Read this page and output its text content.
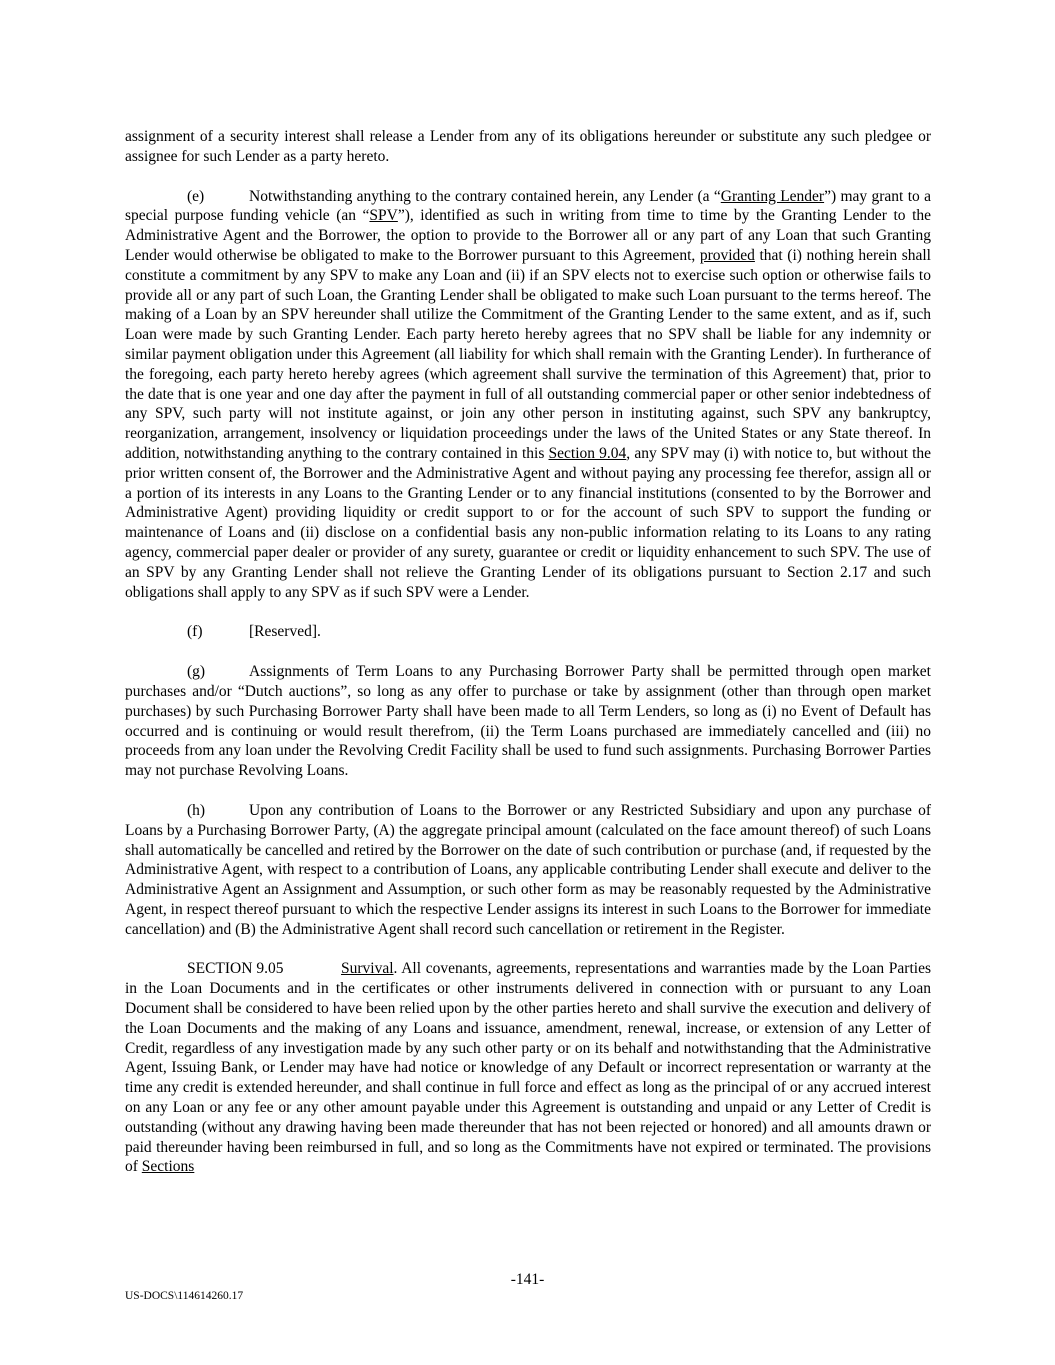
assignment of a security interest shall release a Lender from any of its obligations hereunder or substitute any such pledgee or assignee for such Lender as a party hereto.

(e)	Notwithstanding anything to the contrary contained herein, any Lender (a “Granting Lender”) may grant to a special purpose funding vehicle (an “SPV”), identified as such in writing from time to time by the Granting Lender to the Administrative Agent and the Borrower, the option to provide to the Borrower all or any part of any Loan that such Granting Lender would otherwise be obligated to make to the Borrower pursuant to this Agreement, provided that (i) nothing herein shall constitute a commitment by any SPV to make any Loan and (ii) if an SPV elects not to exercise such option or otherwise fails to provide all or any part of such Loan, the Granting Lender shall be obligated to make such Loan pursuant to the terms hereof. The making of a Loan by an SPV hereunder shall utilize the Commitment of the Granting Lender to the same extent, and as if, such Loan were made by such Granting Lender. Each party hereto hereby agrees that no SPV shall be liable for any indemnity or similar payment obligation under this Agreement (all liability for which shall remain with the Granting Lender). In furtherance of the foregoing, each party hereto hereby agrees (which agreement shall survive the termination of this Agreement) that, prior to the date that is one year and one day after the payment in full of all outstanding commercial paper or other senior indebtedness of any SPV, such party will not institute against, or join any other person in instituting against, such SPV any bankruptcy, reorganization, arrangement, insolvency or liquidation proceedings under the laws of the United States or any State thereof. In addition, notwithstanding anything to the contrary contained in this Section 9.04, any SPV may (i) with notice to, but without the prior written consent of, the Borrower and the Administrative Agent and without paying any processing fee therefor, assign all or a portion of its interests in any Loans to the Granting Lender or to any financial institutions (consented to by the Borrower and Administrative Agent) providing liquidity or credit support to or for the account of such SPV to support the funding or maintenance of Loans and (ii) disclose on a confidential basis any non-public information relating to its Loans to any rating agency, commercial paper dealer or provider of any surety, guarantee or credit or liquidity enhancement to such SPV. The use of an SPV by any Granting Lender shall not relieve the Granting Lender of its obligations pursuant to Section 2.17 and such obligations shall apply to any SPV as if such SPV were a Lender.

(f)	[Reserved].

(g)	Assignments of Term Loans to any Purchasing Borrower Party shall be permitted through open market purchases and/or “Dutch auctions”, so long as any offer to purchase or take by assignment (other than through open market purchases) by such Purchasing Borrower Party shall have been made to all Term Lenders, so long as (i) no Event of Default has occurred and is continuing or would result therefrom, (ii) the Term Loans purchased are immediately cancelled and (iii) no proceeds from any loan under the Revolving Credit Facility shall be used to fund such assignments. Purchasing Borrower Parties may not purchase Revolving Loans.

(h)	Upon any contribution of Loans to the Borrower or any Restricted Subsidiary and upon any purchase of Loans by a Purchasing Borrower Party, (A) the aggregate principal amount (calculated on the face amount thereof) of such Loans shall automatically be cancelled and retired by the Borrower on the date of such contribution or purchase (and, if requested by the Administrative Agent, with respect to a contribution of Loans, any applicable contributing Lender shall execute and deliver to the Administrative Agent an Assignment and Assumption, or such other form as may be reasonably requested by the Administrative Agent, in respect thereof pursuant to which the respective Lender assigns its interest in such Loans to the Borrower for immediate cancellation) and (B) the Administrative Agent shall record such cancellation or retirement in the Register.

SECTION 9.05	Survival. All covenants, agreements, representations and warranties made by the Loan Parties in the Loan Documents and in the certificates or other instruments delivered in connection with or pursuant to any Loan Document shall be considered to have been relied upon by the other parties hereto and shall survive the execution and delivery of the Loan Documents and the making of any Loans and issuance, amendment, renewal, increase, or extension of any Letter of Credit, regardless of any investigation made by any such other party or on its behalf and notwithstanding that the Administrative Agent, Issuing Bank, or Lender may have had notice or knowledge of any Default or incorrect representation or warranty at the time any credit is extended hereunder, and shall continue in full force and effect as long as the principal of or any accrued interest on any Loan or any fee or any other amount payable under this Agreement is outstanding and unpaid or any Letter of Credit is outstanding (without any drawing having been made thereunder that has not been rejected or honored) and all amounts drawn or paid thereunder having been reimbursed in full, and so long as the Commitments have not expired or terminated. The provisions of Sections

-141-
US-DOCS\114614260.17
